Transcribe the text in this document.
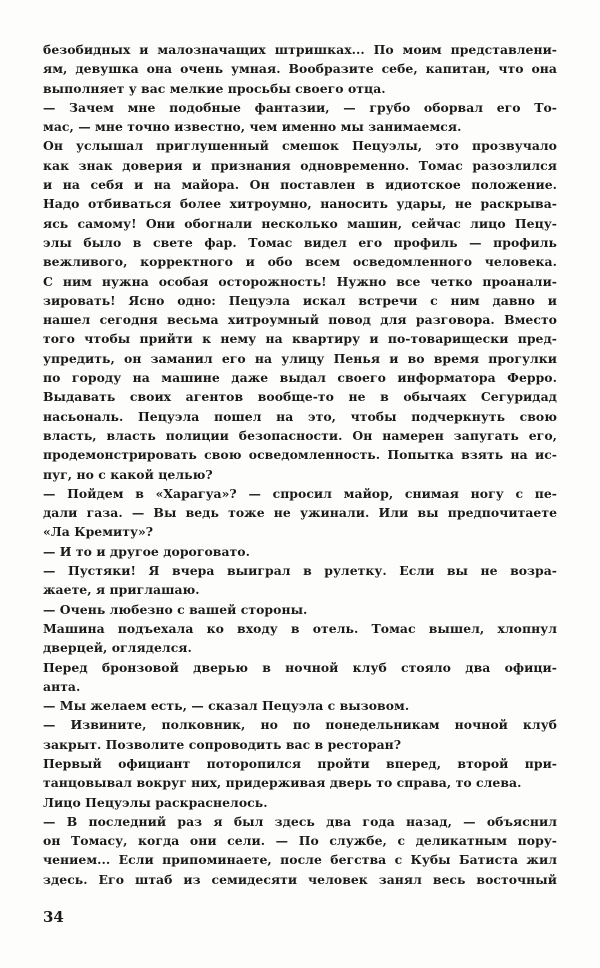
безобидных и малозначащих штришках... По моим представлени-
ям, девушка она очень умная. Вообразите себе, капитан, что она
выполняет у вас мелкие просьбы своего отца.
— Зачем мне подобные фантазии, — грубо оборвал его То-
мас, — мне точно известно, чем именно мы занимаемся.
Он услышал приглушенный смешок Пецуэлы, это прозвучало
как знак доверия и признания одновременно. Томас разозлился
и на себя и на майора. Он поставлен в идиотское положение.
Надо отбиваться более хитроумно, наносить удары, не раскрыва-
ясь самому! Они обогнали несколько машин, сейчас лицо Пецу-
элы было в свете фар. Томас видел его профиль — профиль
вежливого, корректного и обо всем осведомленного человека.
С ним нужна особая осторожность! Нужно все четко проанали-
зировать! Ясно одно: Пецуэла искал встречи с ним давно и
нашел сегодня весьма хитроумный повод для разговора. Вместо
того чтобы прийти к нему на квартиру и по-товарищески пред-
упредить, он заманил его на улицу Пенья и во время прогулки
по городу на машине даже выдал своего информатора Ферро.
Выдавать своих агентов вообще-то не в обычаях Сегуридад
насьональ. Пецуэла пошел на это, чтобы подчеркнуть свою
власть, власть полиции безопасности. Он намерен запугать его,
продемонстрировать свою осведомленность. Попытка взять на ис-
пуг, но с какой целью?
— Пойдем в «Харагуа»? — спросил майор, снимая ногу с пе-
дали газа. — Вы ведь тоже не ужинали. Или вы предпочитаете
«Ла Кремиту»?
— И то и другое дороговато.
— Пустяки! Я вчера выиграл в рулетку. Если вы не возра-
жаете, я приглашаю.
— Очень любезно с вашей стороны.
Машина подъехала ко входу в отель. Томас вышел, хлопнул
дверцей, огляделся.
Перед бронзовой дверью в ночной клуб стояло два офици-
анта.
— Мы желаем есть, — сказал Пецуэла с вызовом.
— Извините, полковник, но по понедельникам ночной клуб
закрыт. Позволите сопроводить вас в ресторан?
Первый официант поторопился пройти вперед, второй при-
танцовывал вокруг них, придерживая дверь то справа, то слева.
Лицо Пецуэлы раскраснелось.
— В последний раз я был здесь два года назад, — объяснил
он Томасу, когда они сели. — По службе, с деликатным пору-
чением... Если припоминаете, после бегства с Кубы Батиста жил
здесь. Его штаб из семидесяти человек занял весь восточный
34
